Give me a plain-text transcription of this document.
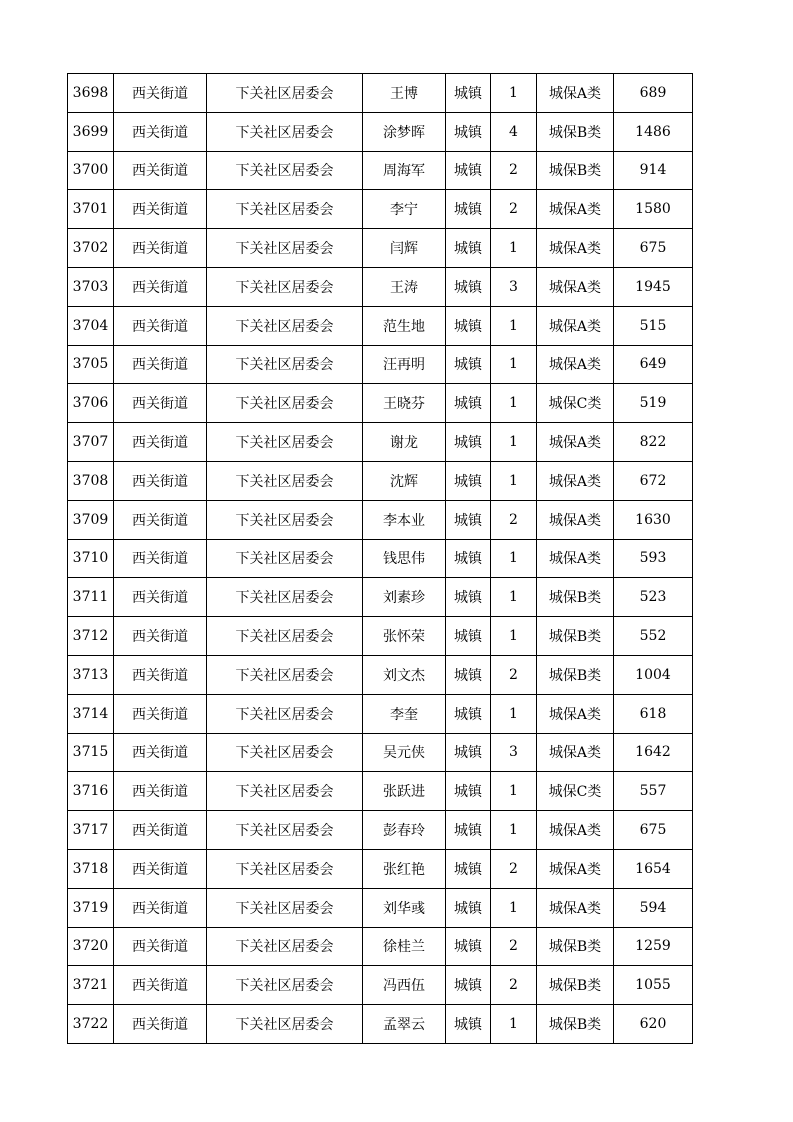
3698	西关街道	下关社区居委会	王博	城镇	1	城保A类	689
3699	西关街道	下关社区居委会	涂梦晖	城镇	4	城保B类	1486
3700	西关街道	下关社区居委会	周海军	城镇	2	城保B类	914
3701	西关街道	下关社区居委会	李宁	城镇	2	城保A类	1580
3702	西关街道	下关社区居委会	闫辉	城镇	1	城保A类	675
3703	西关街道	下关社区居委会	王涛	城镇	3	城保A类	1945
3704	西关街道	下关社区居委会	范生地	城镇	1	城保A类	515
3705	西关街道	下关社区居委会	汪再明	城镇	1	城保A类	649
3706	西关街道	下关社区居委会	王晓芬	城镇	1	城保C类	519
3707	西关街道	下关社区居委会	谢龙	城镇	1	城保A类	822
3708	西关街道	下关社区居委会	沈辉	城镇	1	城保A类	672
3709	西关街道	下关社区居委会	李本业	城镇	2	城保A类	1630
3710	西关街道	下关社区居委会	钱思伟	城镇	1	城保A类	593
3711	西关街道	下关社区居委会	刘素珍	城镇	1	城保B类	523
3712	西关街道	下关社区居委会	张怀荣	城镇	1	城保B类	552
3713	西关街道	下关社区居委会	刘文杰	城镇	2	城保B类	1004
3714	西关街道	下关社区居委会	李奎	城镇	1	城保A类	618
3715	西关街道	下关社区居委会	吴元侠	城镇	3	城保A类	1642
3716	西关街道	下关社区居委会	张跃进	城镇	1	城保C类	557
3717	西关街道	下关社区居委会	彭春玲	城镇	1	城保A类	675
3718	西关街道	下关社区居委会	张红艳	城镇	2	城保A类	1654
3719	西关街道	下关社区居委会	刘华彧	城镇	1	城保A类	594
3720	西关街道	下关社区居委会	徐桂兰	城镇	2	城保B类	1259
3721	西关街道	下关社区居委会	冯西伍	城镇	2	城保B类	1055
3722	西关街道	下关社区居委会	孟翠云	城镇	1	城保B类	620
